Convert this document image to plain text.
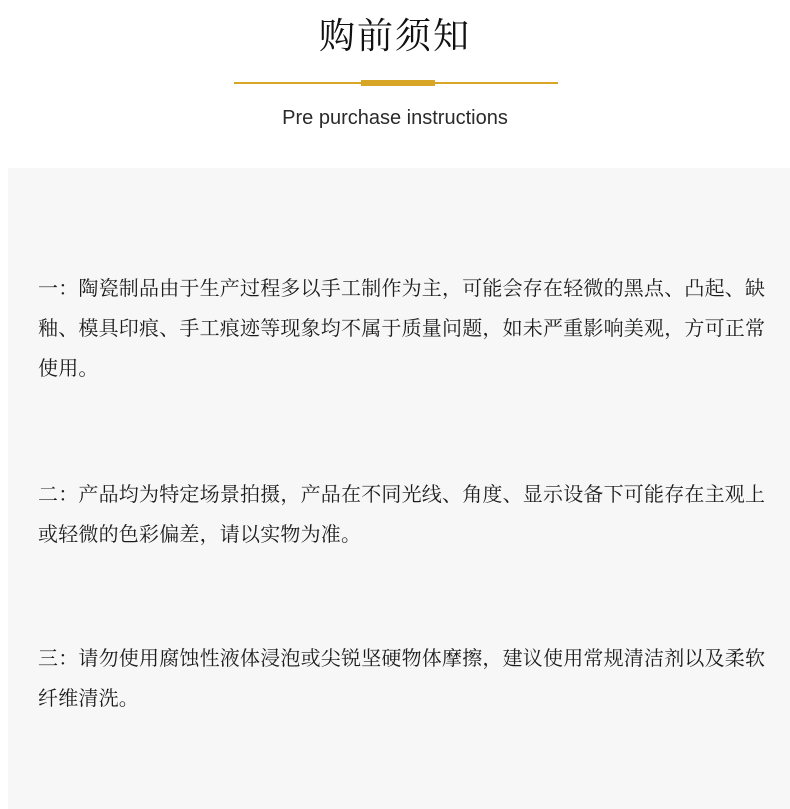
购前须知
Pre purchase instructions
一：陶瓷制品由于生产过程多以手工制作为主，可能会存在轻微的黑点、凸起、缺釉、模具印痕、手工痕迹等现象均不属于质量问题，如未严重影响美观，方可正常使用。
二：产品均为特定场景拍摄，产品在不同光线、角度、显示设备下可能存在主观上或轻微的色彩偏差，请以实物为准。
三：请勿使用腐蚀性液体浸泡或尖锐坚硬物体摩擦，建议使用常规清洁剂以及柔软纤维清洗。
